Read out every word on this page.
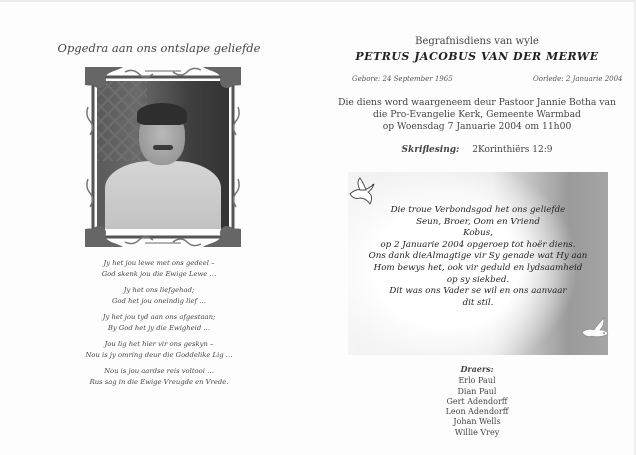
Opgedra aan ons ontslape geliefde
Jy het jou lewe met ons gedeel –
God skenk jou die Ewige Lewe …
Jy het ons liefgehad;
God het jou oneindig lief …
Jy het jou tyd aan ons afgestaan;
By God het jy die Ewigheid …
Jou lig het hier vir ons geskyn –
Nou is jy omring deur die Goddelike Lig …
Nou is jou aardse reis voltooi …
Rus sag in die Ewige Vreugde en Vrede.
Begrafnisdiens van wyle
PETRUS JACOBUS VAN DER MERWE
Gebore: 24 September 1965	Oorlede: 2 Januarie 2004
Die diens word waargeneem deur Pastoor Jannie Botha van
die Pro-Evangelie Kerk, Gemeente Warmbad
op Woensdag 7 Januarie 2004 om 11h00
Skriflesing: 2Korinthiërs 12:9
Die troue Verbondsgod het ons geliefde
Seun, Broer, Oom en Vriend
Kobus,
op 2 Januarie 2004 opgeroep tot hoër diens.
Ons dank dieAlmagtige vir Sy genade wat Hy aan
Hom bewys het, ook vir geduld en lydsaamheid
op sy siekbed.
Dit was ons Vader se wil en ons aanvaar
dit stil.
Draers:
Erlo Paul
Dian Paul
Gert Adendorff
Leon Adendorff
Johan Wells
Willie Vrey
